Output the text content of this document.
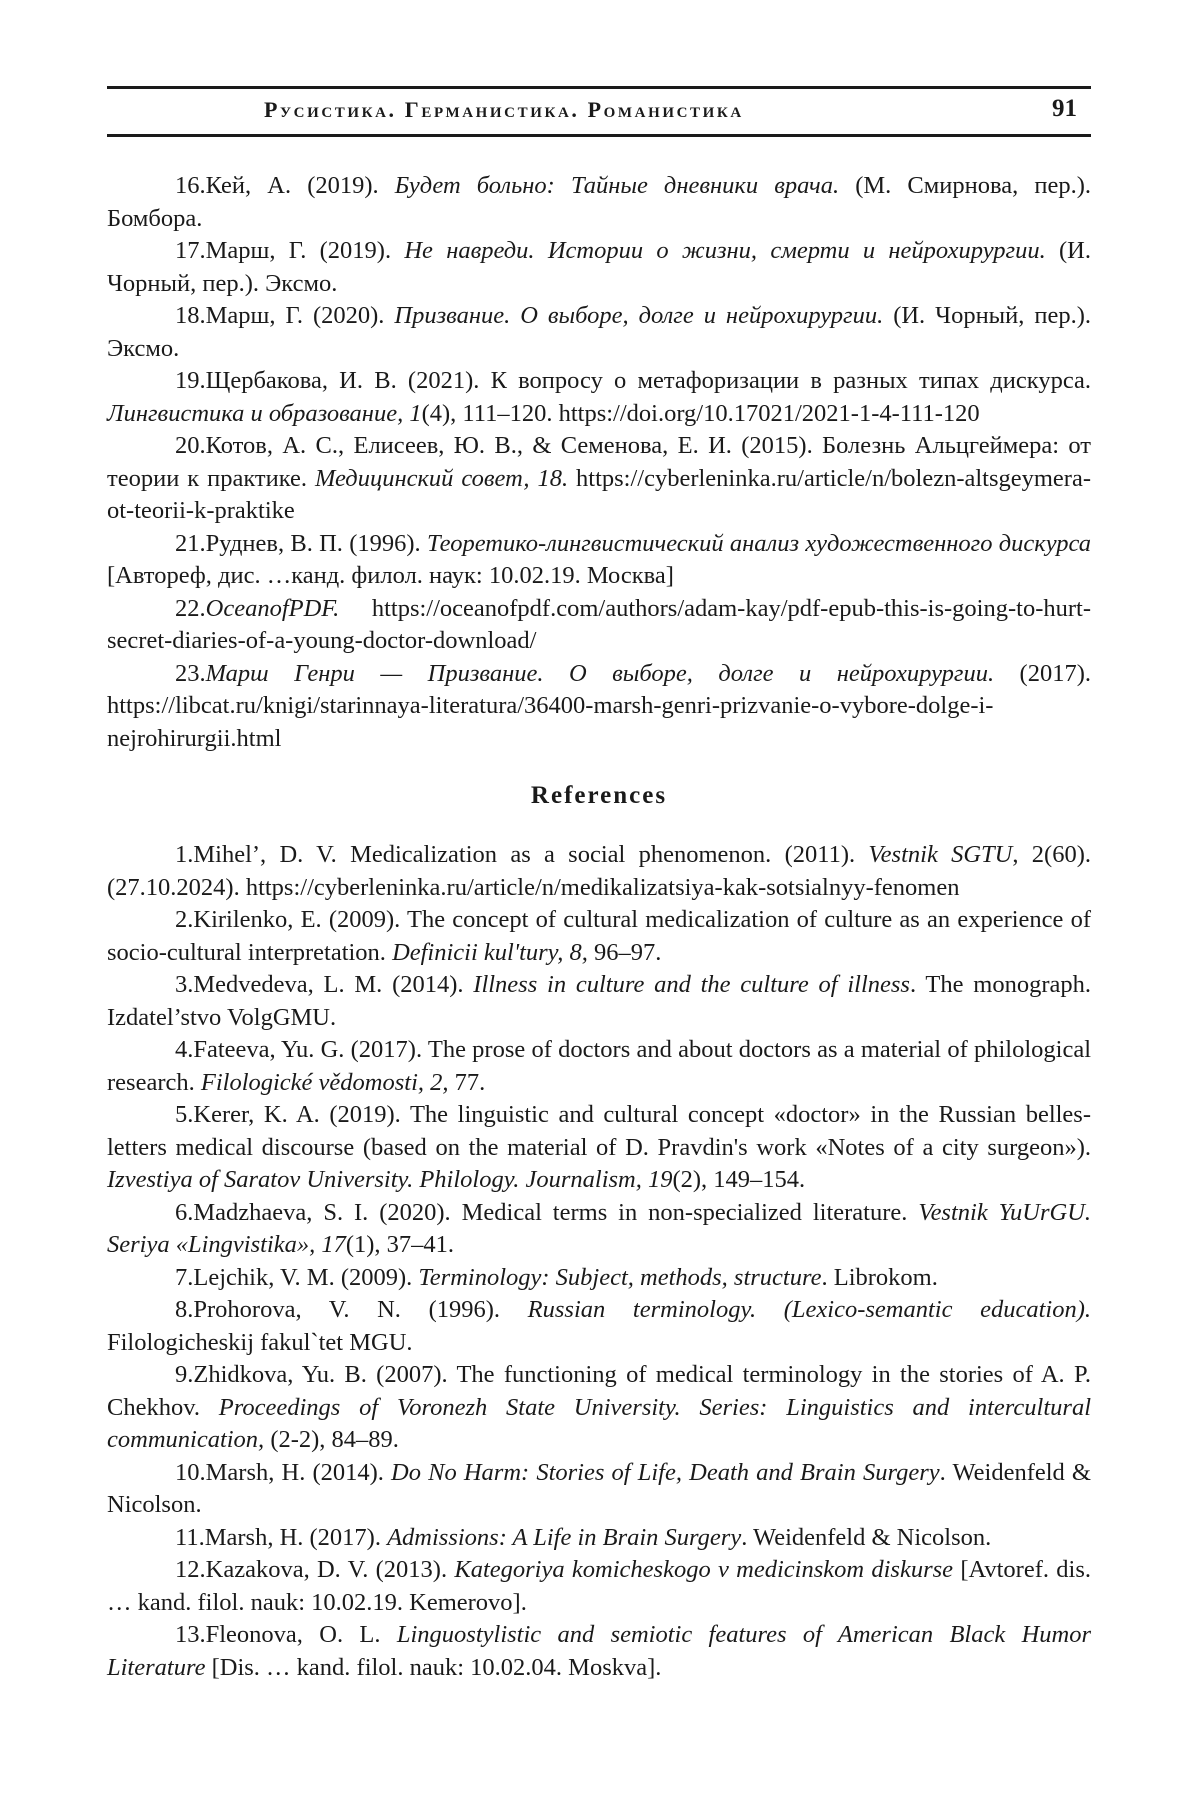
Русистика. Германистика. Романистика	91

16.Кей, А. (2019). Будет больно: Тайные дневники врача. (М. Смирнова, пер.). Бомбора.

17.Марш, Г. (2019). Не навреди. Истории о жизни, смерти и нейрохирургии. (И. Чорный, пер.). Эксмо.

18.Марш, Г. (2020). Призвание. О выборе, долге и нейрохирургии. (И. Чорный, пер.). Эксмо.

19.Щербакова, И. В. (2021). К вопросу о метафоризации в разных типах дискурса. Лингвистика и образование, 1(4), 111–120. https://doi.org/10.17021/2021-1-4-111-120

20.Котов, А. С., Елисеев, Ю. В., & Семенова, Е. И. (2015). Болезнь Альцгеймера: от теории к практике. Медицинский совет, 18. https://cyberleninka.ru/article/n/bolezn-altsgeymera-ot-teorii-k-praktike

21.Руднев, В. П. (1996). Теоретико-лингвистический анализ художественного дискурса [Автореф, дис. …канд. филол. наук: 10.02.19. Москва]

22.OceanofPDF. https://oceanofpdf.com/authors/adam-kay/pdf-epub-this-is-going-to-hurt-secret-diaries-of-a-young-doctor-download/

23.Марш Генри — Призвание. О выборе, долге и нейрохирургии. (2017). https://libcat.ru/knigi/starinnaya-literatura/36400-marsh-genri-prizvanie-o-vybore-dolge-i-nejrohirurgii.html

References

1.Mihel’, D. V. Medicalization as a social phenomenon. (2011). Vestnik SGTU, 2(60). (27.10.2024). https://cyberleninka.ru/article/n/medikalizatsiya-kak-sotsialnyy-fenomen

2.Kirilenko, E. (2009). The concept of cultural medicalization of culture as an experience of socio-cultural interpretation. Definicii kul'tury, 8, 96–97.

3.Medvedeva, L. M. (2014). Illness in culture and the culture of illness. The monograph. Izdatel’stvo VolgGMU.

4.Fateeva, Yu. G. (2017). The prose of doctors and about doctors as a material of philological research. Filologické vědomosti, 2, 77.

5.Kerer, K. A. (2019). The linguistic and cultural concept «doctor» in the Russian belles-letters medical discourse (based on the material of D. Pravdin's work «Notes of a city surgeon»). Izvestiya of Saratov University. Philology. Journalism, 19(2), 149–154.

6.Madzhaeva, S. I. (2020). Medical terms in non-specialized literature. Vestnik YuUrGU. Seriya «Lingvistika», 17(1), 37–41.

7.Lejchik, V. M. (2009). Terminology: Subject, methods, structure. Librokom.

8.Prohorova, V. N. (1996). Russian terminology. (Lexico-semantic education). Filologicheskij fakul`tet MGU.

9.Zhidkova, Yu. B. (2007). The functioning of medical terminology in the stories of A. P. Chekhov. Proceedings of Voronezh State University. Series: Linguistics and intercultural communication, (2-2), 84–89.

10.Marsh, H. (2014). Do No Harm: Stories of Life, Death and Brain Surgery. Weidenfeld & Nicolson.

11.Marsh, H. (2017). Admissions: A Life in Brain Surgery. Weidenfeld & Nicolson.

12.Kazakova, D. V. (2013). Kategoriya komicheskogo v medicinskom diskurse [Avtoref. dis. … kand. filol. nauk: 10.02.19. Kemerovo].

13.Fleonova, O. L. Linguostylistic and semiotic features of American Black Humor Literature [Dis. … kand. filol. nauk: 10.02.04. Moskva].
